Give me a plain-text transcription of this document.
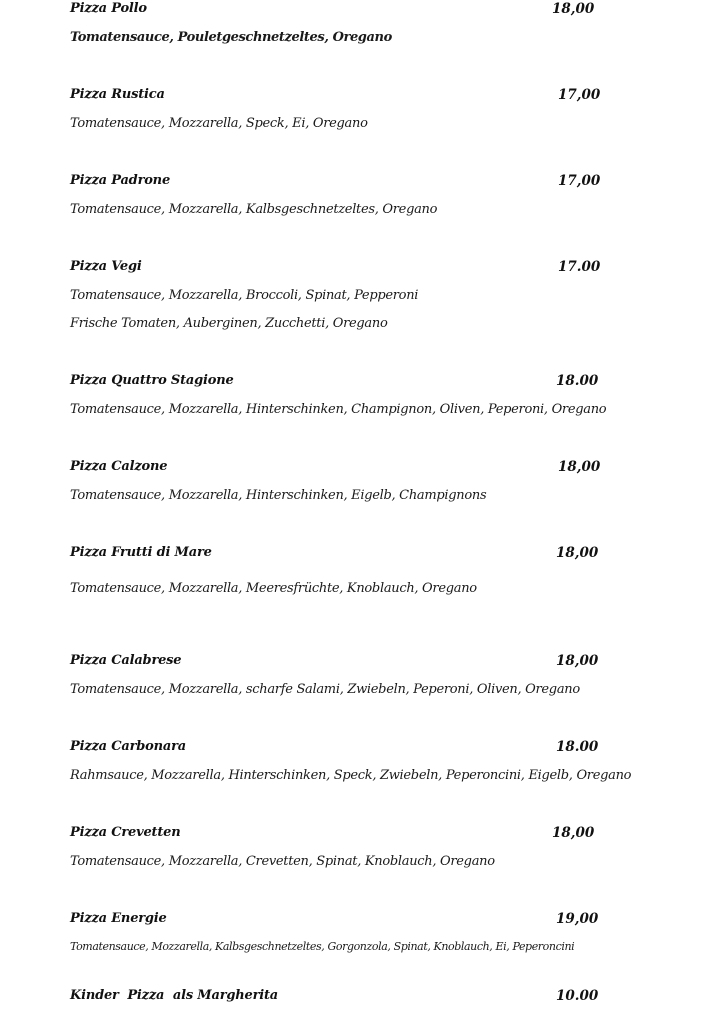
Pizza Pollo	18,00
Tomatensauce, Pouletgeschnetzeltes, Oregano
Pizza Rustica	17,00
Tomatensauce, Mozzarella, Speck, Ei, Oregano
Pizza Padrone	17,00
Tomatensauce, Mozzarella, Kalbsgeschnetzeltes, Oregano
Pizza Vegi	17.00
Tomatensauce, Mozzarella, Broccoli, Spinat, Pepperoni
Frische Tomaten, Auberginen, Zucchetti, Oregano
Pizza Quattro Stagione	18.00
Tomatensauce, Mozzarella, Hinterschinken, Champignon, Oliven, Peperoni, Oregano
Pizza Calzone	18,00
Tomatensauce, Mozzarella, Hinterschinken, Eigelb, Champignons
Pizza Frutti di Mare	18,00
Tomatensauce, Mozzarella, Meeresfrüchte, Knoblauch, Oregano
Pizza Calabrese	18,00
Tomatensauce, Mozzarella, scharfe Salami, Zwiebeln, Peperoni, Oliven, Oregano
Pizza Carbonara	18.00
Rahmsauce, Mozzarella, Hinterschinken, Speck, Zwiebeln, Peperoncini, Eigelb, Oregano
Pizza Crevetten	18,00
Tomatensauce, Mozzarella, Crevetten, Spinat, Knoblauch, Oregano
Pizza Energie	19,00
Tomatensauce, Mozzarella, Kalbsgeschnetzeltes, Gorgonzola, Spinat, Knoblauch, Ei, Peperoncini
Kinder  Pizza  als Margherita	10.00
